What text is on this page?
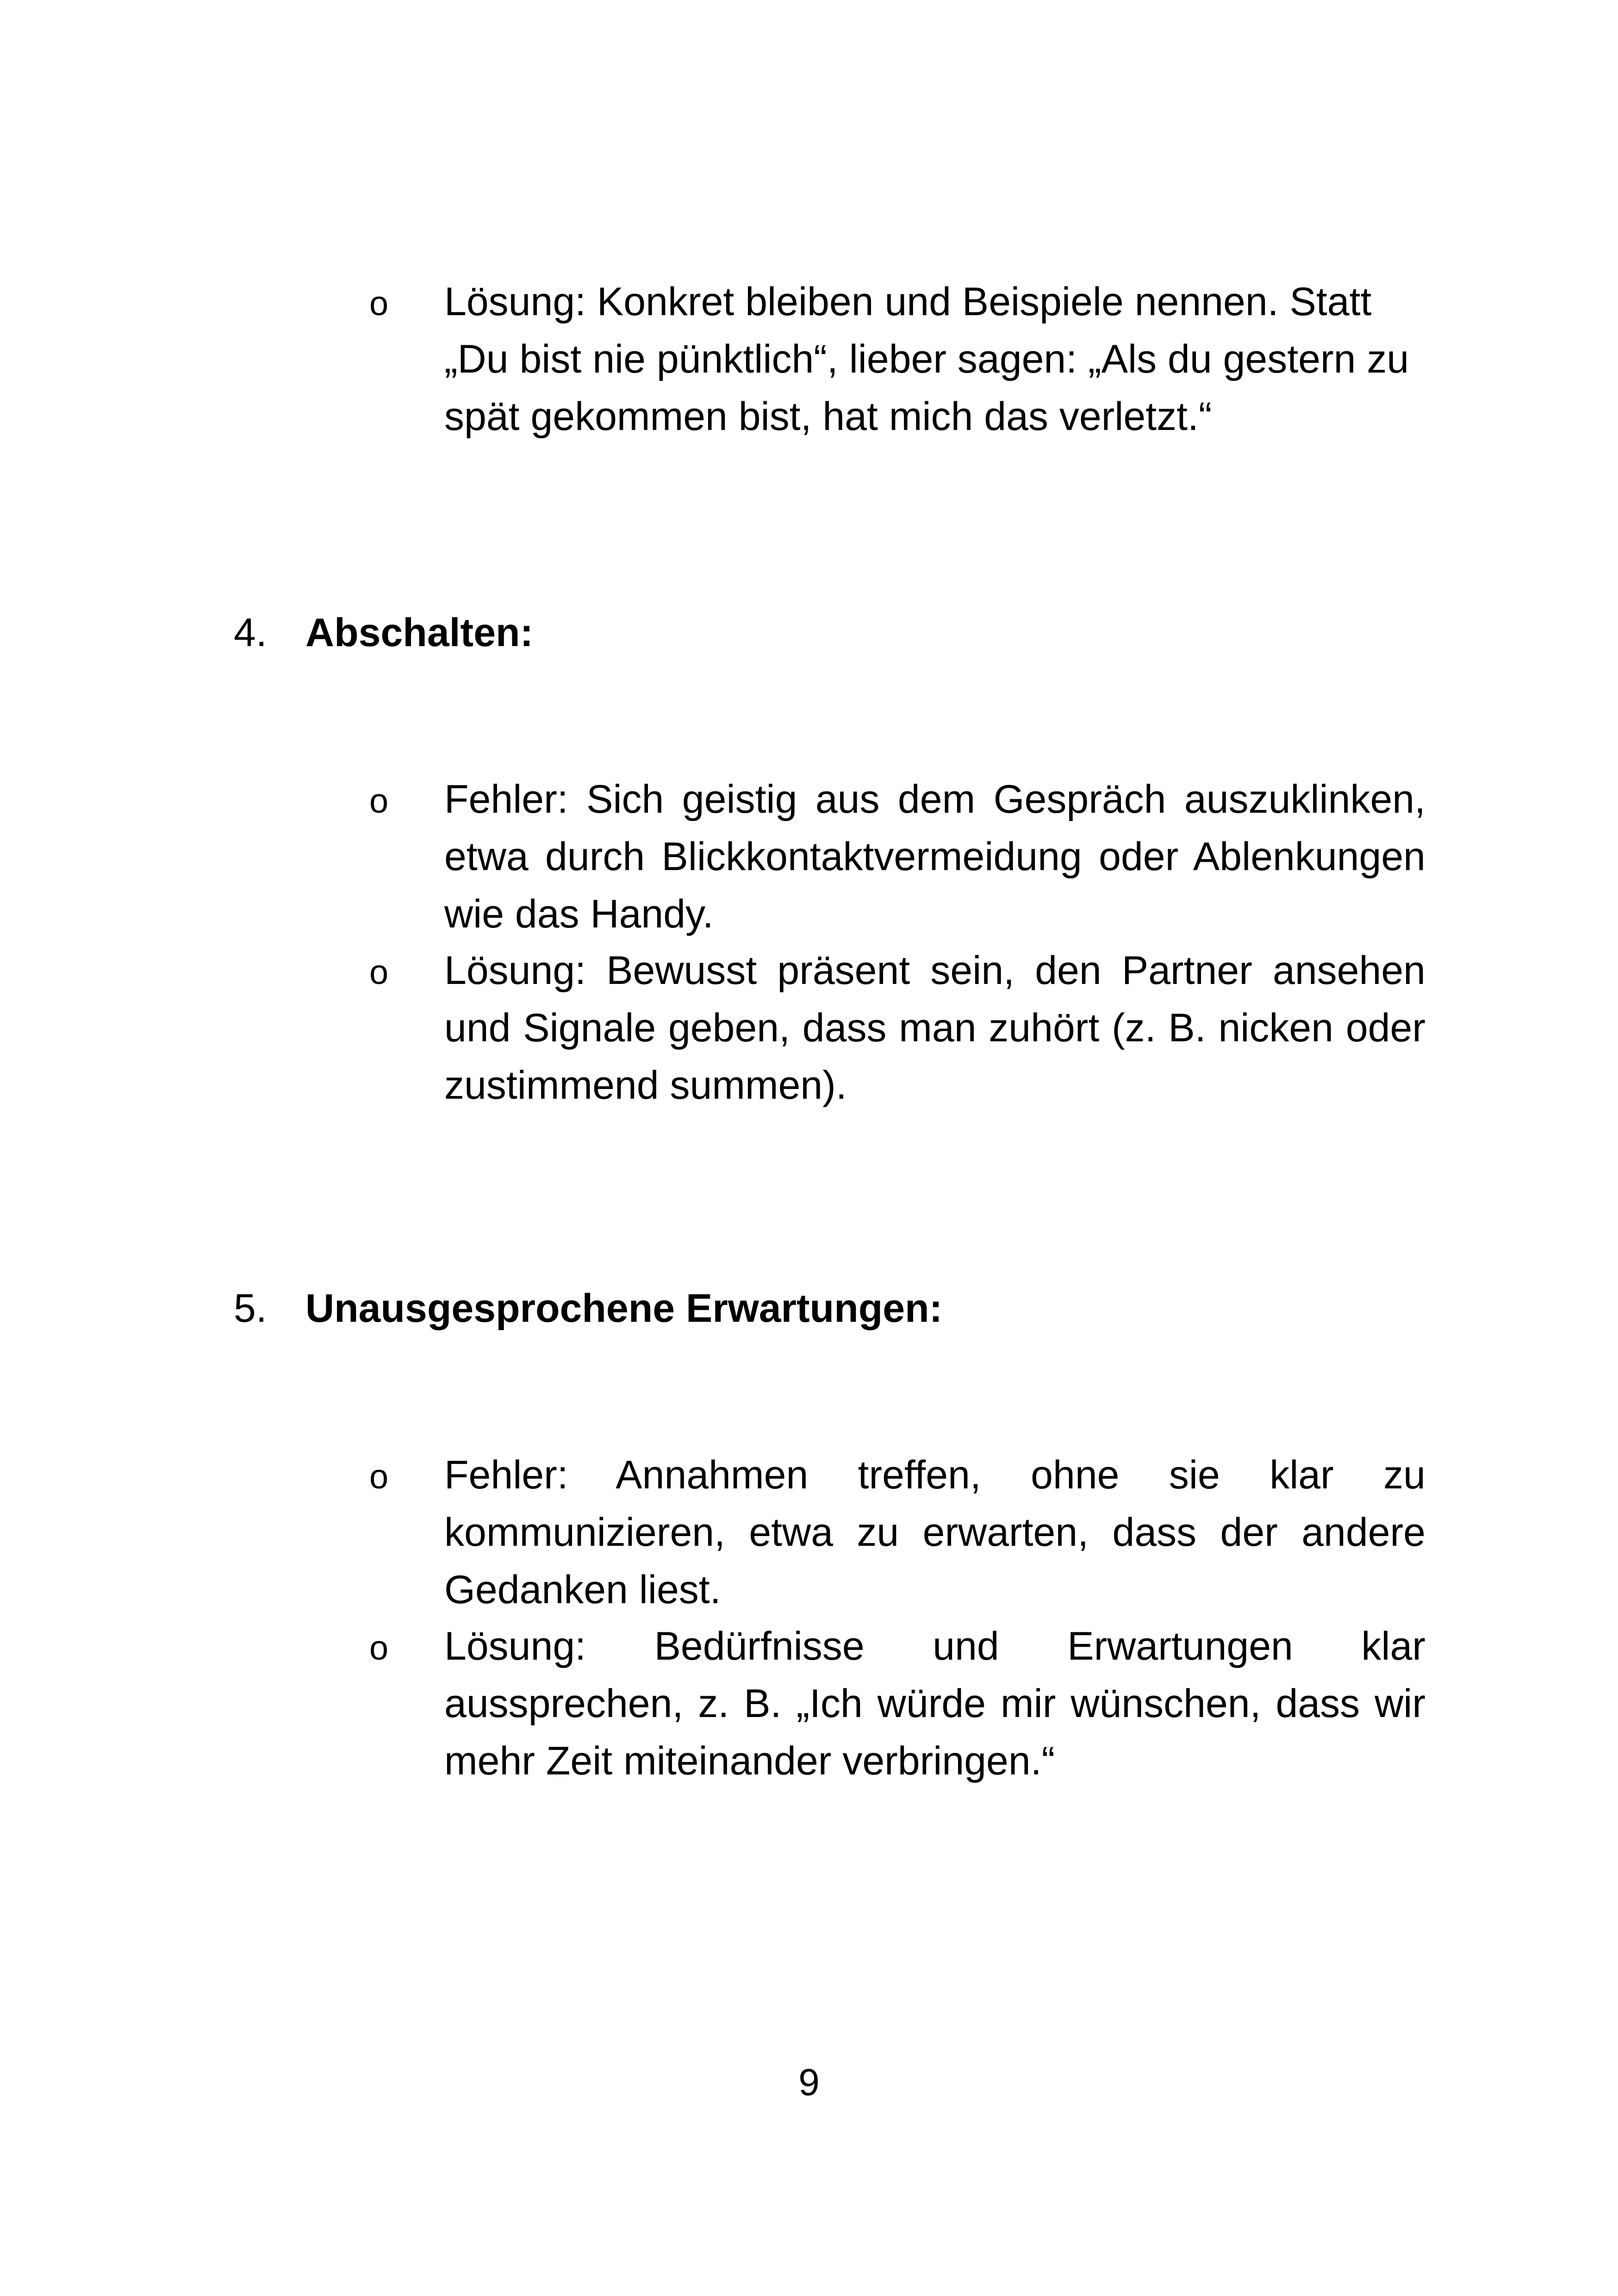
o Lösung: Konkret bleiben und Beispiele nennen. Statt „Du bist nie pünktlich“, lieber sagen: „Als du gestern zu spät gekommen bist, hat mich das verletzt.“
4. Abschalten:
o Fehler: Sich geistig aus dem Gespräch auszuklinken, etwa durch Blickkontaktvermeidung oder Ablenkungen wie das Handy.
o Lösung: Bewusst präsent sein, den Partner ansehen und Signale geben, dass man zuhört (z. B. nicken oder zustimmend summen).
5. Unausgesprochene Erwartungen:
o Fehler: Annahmen treffen, ohne sie klar zu kommunizieren, etwa zu erwarten, dass der andere Gedanken liest.
o Lösung: Bedürfnisse und Erwartungen klar aussprechen, z. B. „Ich würde mir wünschen, dass wir mehr Zeit miteinander verbringen.“
9
